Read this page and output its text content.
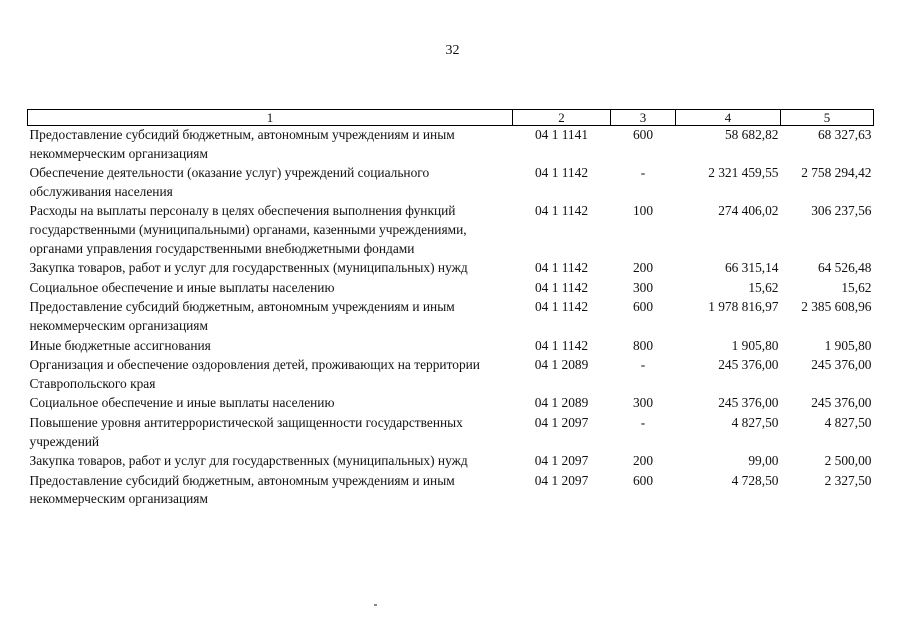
32
1	2	3	4	5
Предоставление субсидий бюджетным, автономным учреждениям и иным некоммерческим организациям	04 1 1141	600	58 682,82	68 327,63
Обеспечение деятельности (оказание услуг) учреждений социального обслуживания населения	04 1 1142	-	2 321 459,55	2 758 294,42
Расходы на выплаты персоналу в целях обеспечения выполнения функций государственными (муниципальными) органами, казенными учреждениями, органами управления государственными внебюджетными фондами	04 1 1142	100	274 406,02	306 237,56
Закупка товаров, работ и услуг для государственных (муниципальных) нужд	04 1 1142	200	66 315,14	64 526,48
Социальное обеспечение и иные выплаты населению	04 1 1142	300	15,62	15,62
Предоставление субсидий бюджетным, автономным учреждениям и иным некоммерческим организациям	04 1 1142	600	1 978 816,97	2 385 608,96
Иные бюджетные ассигнования	04 1 1142	800	1 905,80	1 905,80
Организация и обеспечение оздоровления детей, проживающих на территории Ставропольского края	04 1 2089	-	245 376,00	245 376,00
Социальное обеспечение и иные выплаты населению	04 1 2089	300	245 376,00	245 376,00
Повышение уровня антитеррористической защищенности государственных учреждений	04 1 2097	-	4 827,50	4 827,50
Закупка товаров, работ и услуг для государственных (муниципальных) нужд	04 1 2097	200	99,00	2 500,00
Предоставление субсидий бюджетным, автономным учреждениям и иным некоммерческим организациям	04 1 2097	600	4 728,50	2 327,50
